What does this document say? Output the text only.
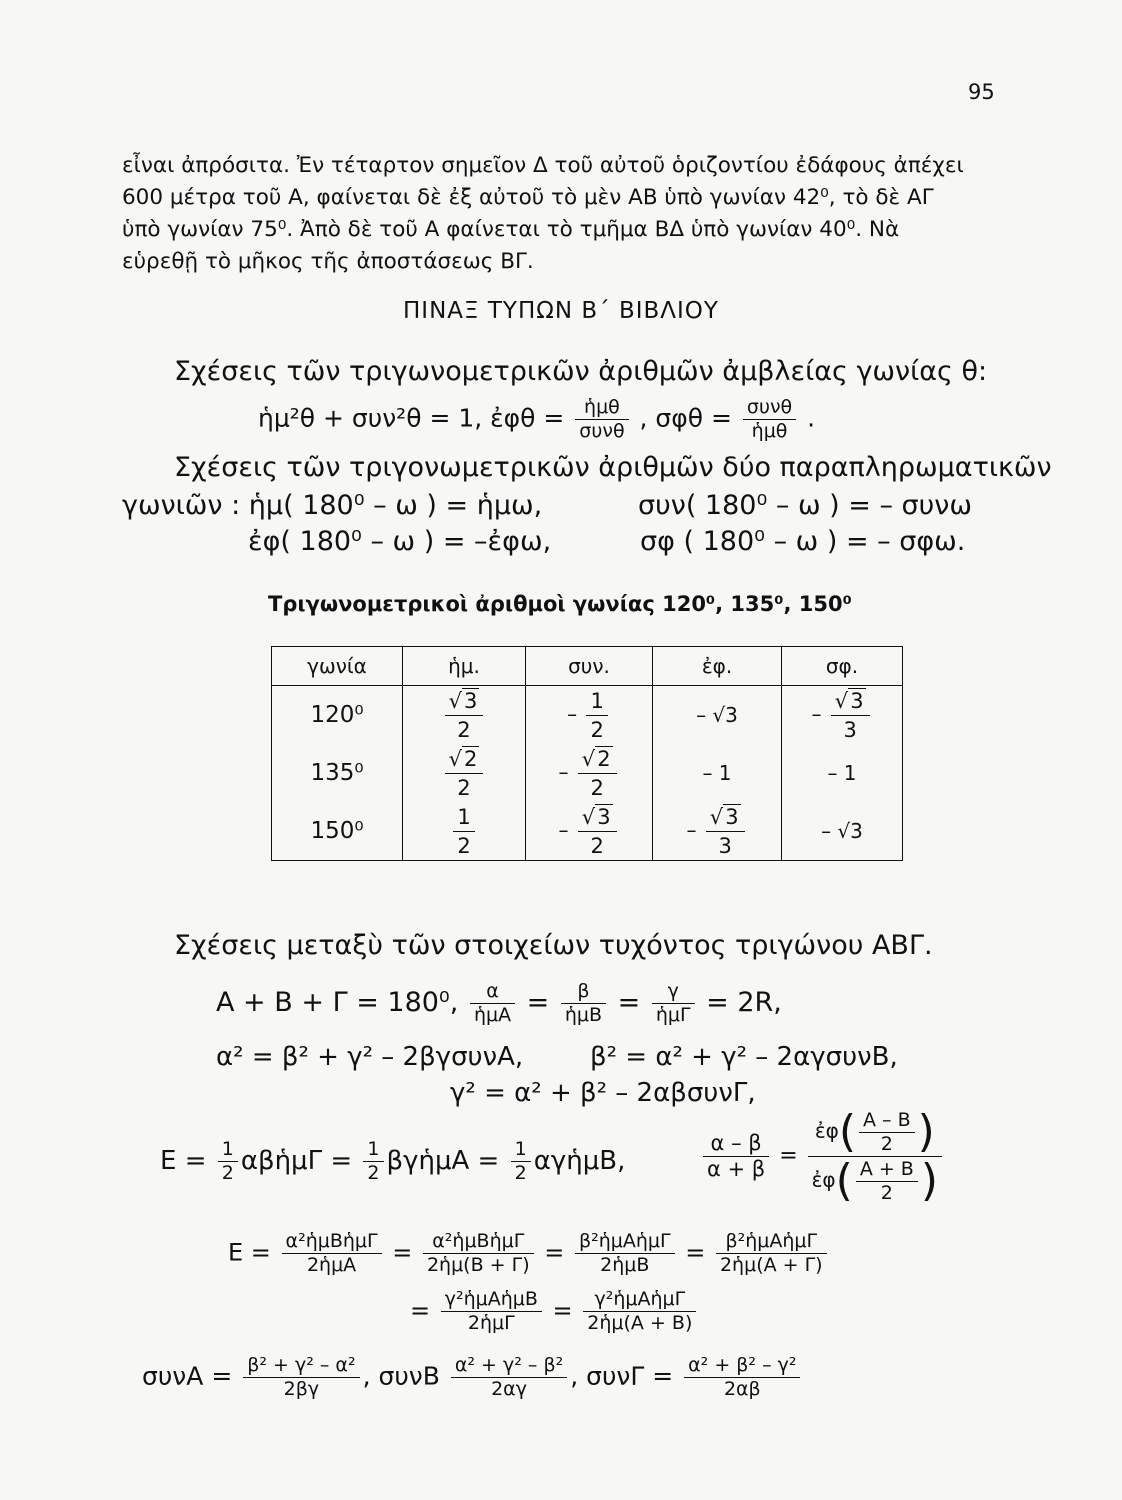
95
εἶναι ἀπρόσιτα. Ἐν τέταρτον σημεῖον Δ τοῦ αὐτοῦ ὁριζοντίου ἐδάφους ἀπέχει
600 μέτρα τοῦ Α, φαίνεται δὲ ἐξ αὐτοῦ τὸ μὲν ΑΒ ὑπὸ γωνίαν 42⁰, τὸ δὲ ΑΓ
ὑπὸ γωνίαν 75⁰. Ἀπὸ δὲ τοῦ Α φαίνεται τὸ τμῆμα ΒΔ ὑπὸ γωνίαν 40⁰. Νὰ
εὑρεθῇ τὸ μῆκος τῆς ἀποστάσεως ΒΓ.
ΠΙΝΑΞ ΤΥΠΩΝ Β΄ ΒΙΒΛΙΟΥ
Σχέσεις τῶν τριγωνομετρικῶν ἀριθμῶν ἀμβλείας γωνίας θ:
ἡμ²θ + συν²θ = 1, ἐφθ = $\frac{\text{ἡμθ}}{\text{συνθ}}$ , $\sigma\varphi\theta = \frac{\text{συνθ}}{\text{ἡμθ}}$ .
Σχέσεις τῶν τριγονωμετρικῶν ἀριθμῶν δύο παραπληρωματικῶν
γωνιῶν : ἡμ( 180⁰ – ω ) = ἡμω,	συν( 180⁰ – ω ) = – συνω
ἐφ( 180⁰ – ω ) = –ἐφω,	σφ ( 180⁰ – ω ) = – σφω.
Τριγωνομετρικοὶ ἀριθμοὶ γωνίας 120⁰, 135⁰, 150⁰
γωνία	ἡμ.	συν.	ἐφ.	σφ.
120⁰	$\frac{√3}{2}$	– $\frac{1}{2}$	– √3	– $\frac{√3}{3}$

135⁰	$\frac{√2}{2}$	– $\frac{√2}{2}$	– 1	– 1
150⁰	$\frac{1}{2}$	– $\frac{√3}{2}$	– $\frac{√3}{3}$	– √3
Σχέσεις μεταξὺ τῶν στοιχείων τυχόντος τριγώνου ΑΒΓ.
Α + Β + Γ = 180⁰, $\frac{\alpha}{\text{ἡμΑ}} = \frac{\beta}{\text{ἡμΒ}} = \frac{\gamma}{\text{ἡμΓ}} = 2R$,
α² = β² + γ² – 2βγσυνΑ,	β² = α² + γ² – 2αγσυνΒ,
γ² = α² + β² – 2αβσυνΓ,
$E = \frac{1}{2}$ αβἡμΓ = $\frac{1}{2}$ βγἡμΑ = $\frac{1}{2}$ αγἡμΒ,	$\frac{\alpha - \beta}{\alpha + \beta} = \frac{ἐ\varphi( \frac{A - B}{2} )}{ἐ\varphi( \frac{A + B}{2} )}$
$E = \frac{\text{α²ἡμΒἡμΓ}}{\text{2ἡμΑ}} = \frac{\text{α²ἡμΒἡμΓ}}{\text{2ἡμ(Β + Γ)}} = \frac{\text{β²ἡμΑἡμΓ}}{\text{2ἡμΒ}} = \frac{\text{β²ἡμΑἡμΓ}}{\text{2ἡμ(Α + Γ)}}$
= $\frac{\text{γ²ἡμΑἡμΒ}}{\text{2ἡμΓ}} = \frac{\text{γ²ἡμΑἡμΓ}}{\text{2ἡμ(Α + Β)}}$
$\sigma\upsilon\nu A = \frac{\text{β² + γ² – α²}}{2\beta\gamma}$ , συνΒ $\frac{\text{α² + γ² – β²}}{2\alpha\gamma}$ , $\sigma\upsilon\nu\Gamma = \frac{\text{α² + β² – γ²}}{2\alpha\beta}$
